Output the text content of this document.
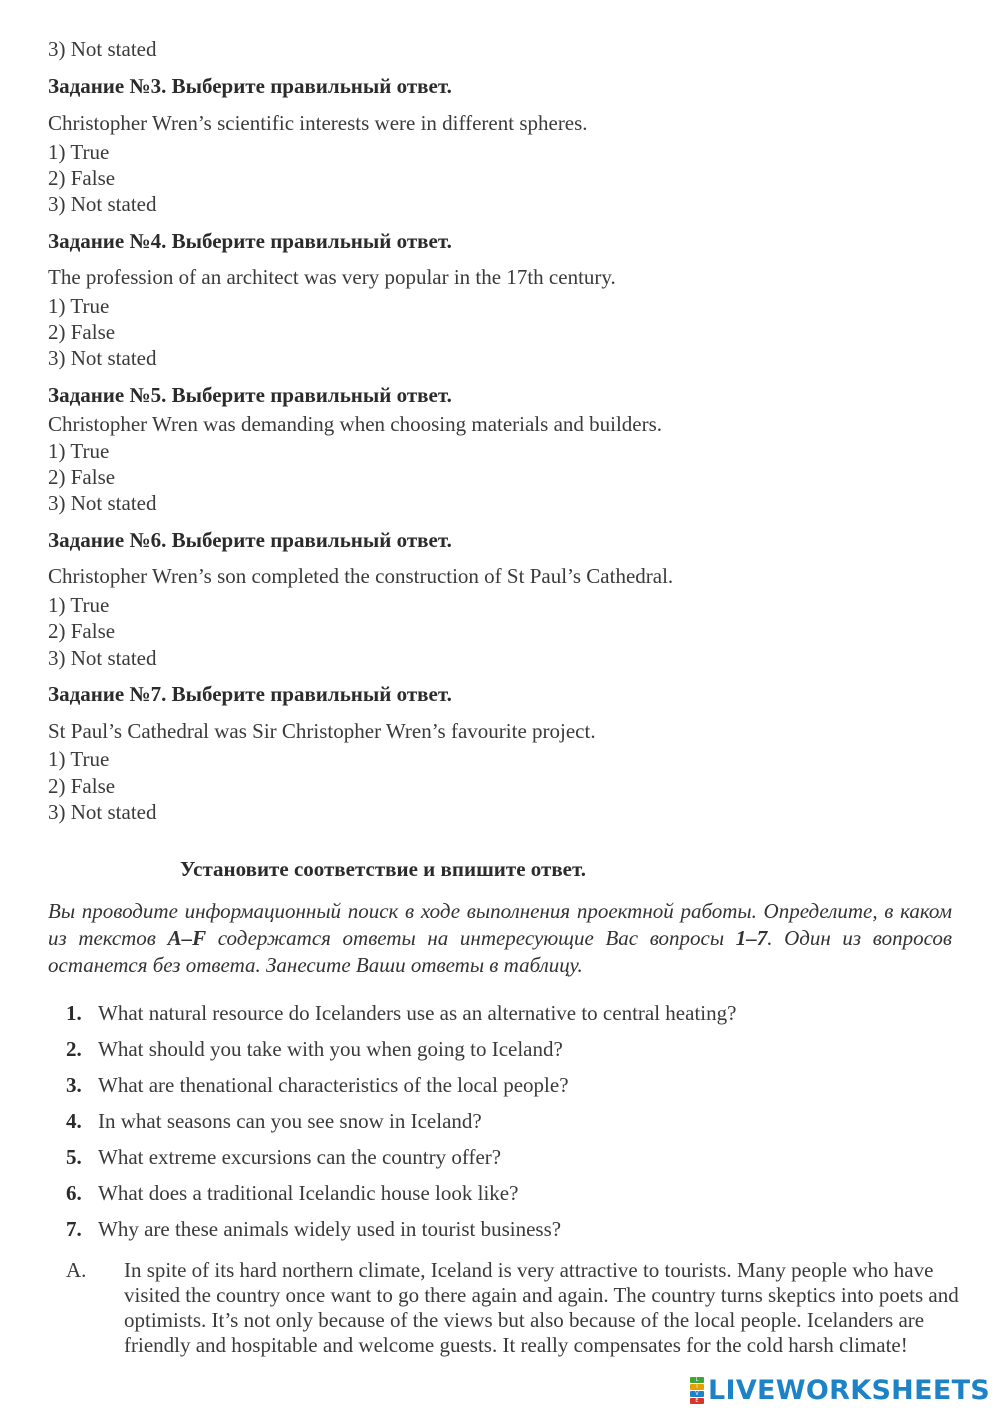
3) Not stated
Задание №3. Выберите правильный ответ.
Christopher Wren’s scientific interests were in different spheres.
1) True
2) False
3) Not stated
Задание №4. Выберите правильный ответ.
The profession of an architect was very popular in the 17th century.
1) True
2) False
3) Not stated
Задание №5. Выберите правильный ответ.
Christopher Wren was demanding when choosing materials and builders.
1) True
2) False
3) Not stated
Задание №6. Выберите правильный ответ.
Christopher Wren’s son completed the construction of St Paul’s Cathedral.
1) True
2) False
3) Not stated
Задание №7. Выберите правильный ответ.
St Paul’s Cathedral was Sir Christopher Wren’s favourite project.
1) True
2) False
3) Not stated
Установите соответствие и впишите ответ.
Вы проводите информационный поиск в ходе выполнения проектной работы. Определите, в каком из текстов A–F содержатся ответы на интересующие Вас вопросы 1–7. Один из вопросов останется без ответа. Занесите Ваши ответы в таблицу.
1. What natural resource do Icelanders use as an alternative to central heating?
2. What should you take with you when going to Iceland?
3. What are thenational characteristics of the local people?
4. In what seasons can you see snow in Iceland?
5. What extreme excursions can the country offer?
6. What does a traditional Icelandic house look like?
7. Why are these animals widely used in tourist business?
A. In spite of its hard northern climate, Iceland is very attractive to tourists. Many people who have visited the country once want to go there again and again. The country turns skeptics into poets and optimists. It’s not only because of the views but also because of the local people. Icelanders are friendly and hospitable and welcome guests. It really compensates for the cold harsh climate!
L
I
V
E LIVEWORKSHEETS
